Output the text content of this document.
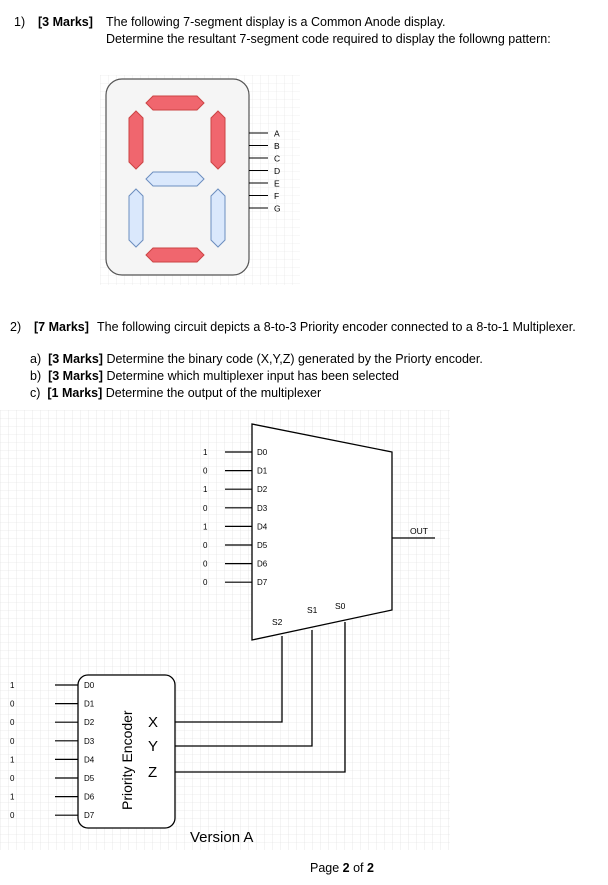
1) [3 Marks] The following 7-segment display is a Common Anode display.
Determine the resultant 7-segment code required to display the followng pattern:
A
B
C
D
E
F
G
2) [7 Marks] The following circuit depicts a 8-to-3 Priority encoder connected to a 8-to-1 Multiplexer.
a) [3 Marks] Determine the binary code (X,Y,Z) generated by the Priorty encoder.
b) [3 Marks] Determine which multiplexer input has been selected
c) [1 Marks] Determine the output of the multiplexer
D0
1
D1
0
D2
1
D3
0
D4
1
D5
0
D6
0
D7
0
S2
S1 S0
OUT
D0
1
D1
0
D2
0
D3
0
D4
1
D5
0
D6
1
D7
0
Priority Encoder X
Y
Z
Version A
Page 2 of 2
